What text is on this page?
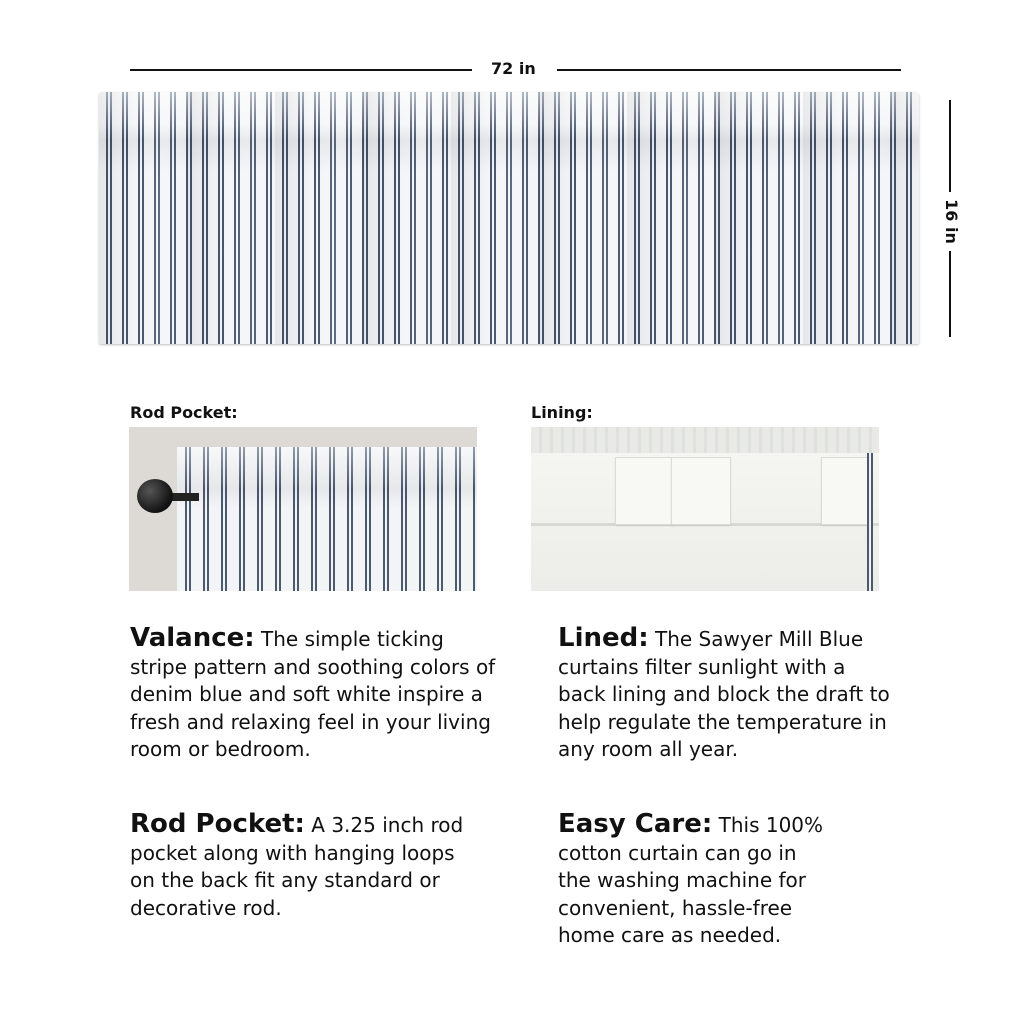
72 in
16 in
Rod Pocket:	Lining:
Valance: The simple ticking stripe pattern and soothing colors of denim blue and soft white inspire a fresh and relaxing feel in your living room or bedroom.
Lined: The Sawyer Mill Blue curtains filter sunlight with a back lining and block the draft to help regulate the temperature in any room all year.
Rod Pocket: A 3.25 inch rod pocket along with hanging loops on the back fit any standard or decorative rod.
Easy Care: This 100% cotton curtain can go in the washing machine for convenient, hassle-free home care as needed.
